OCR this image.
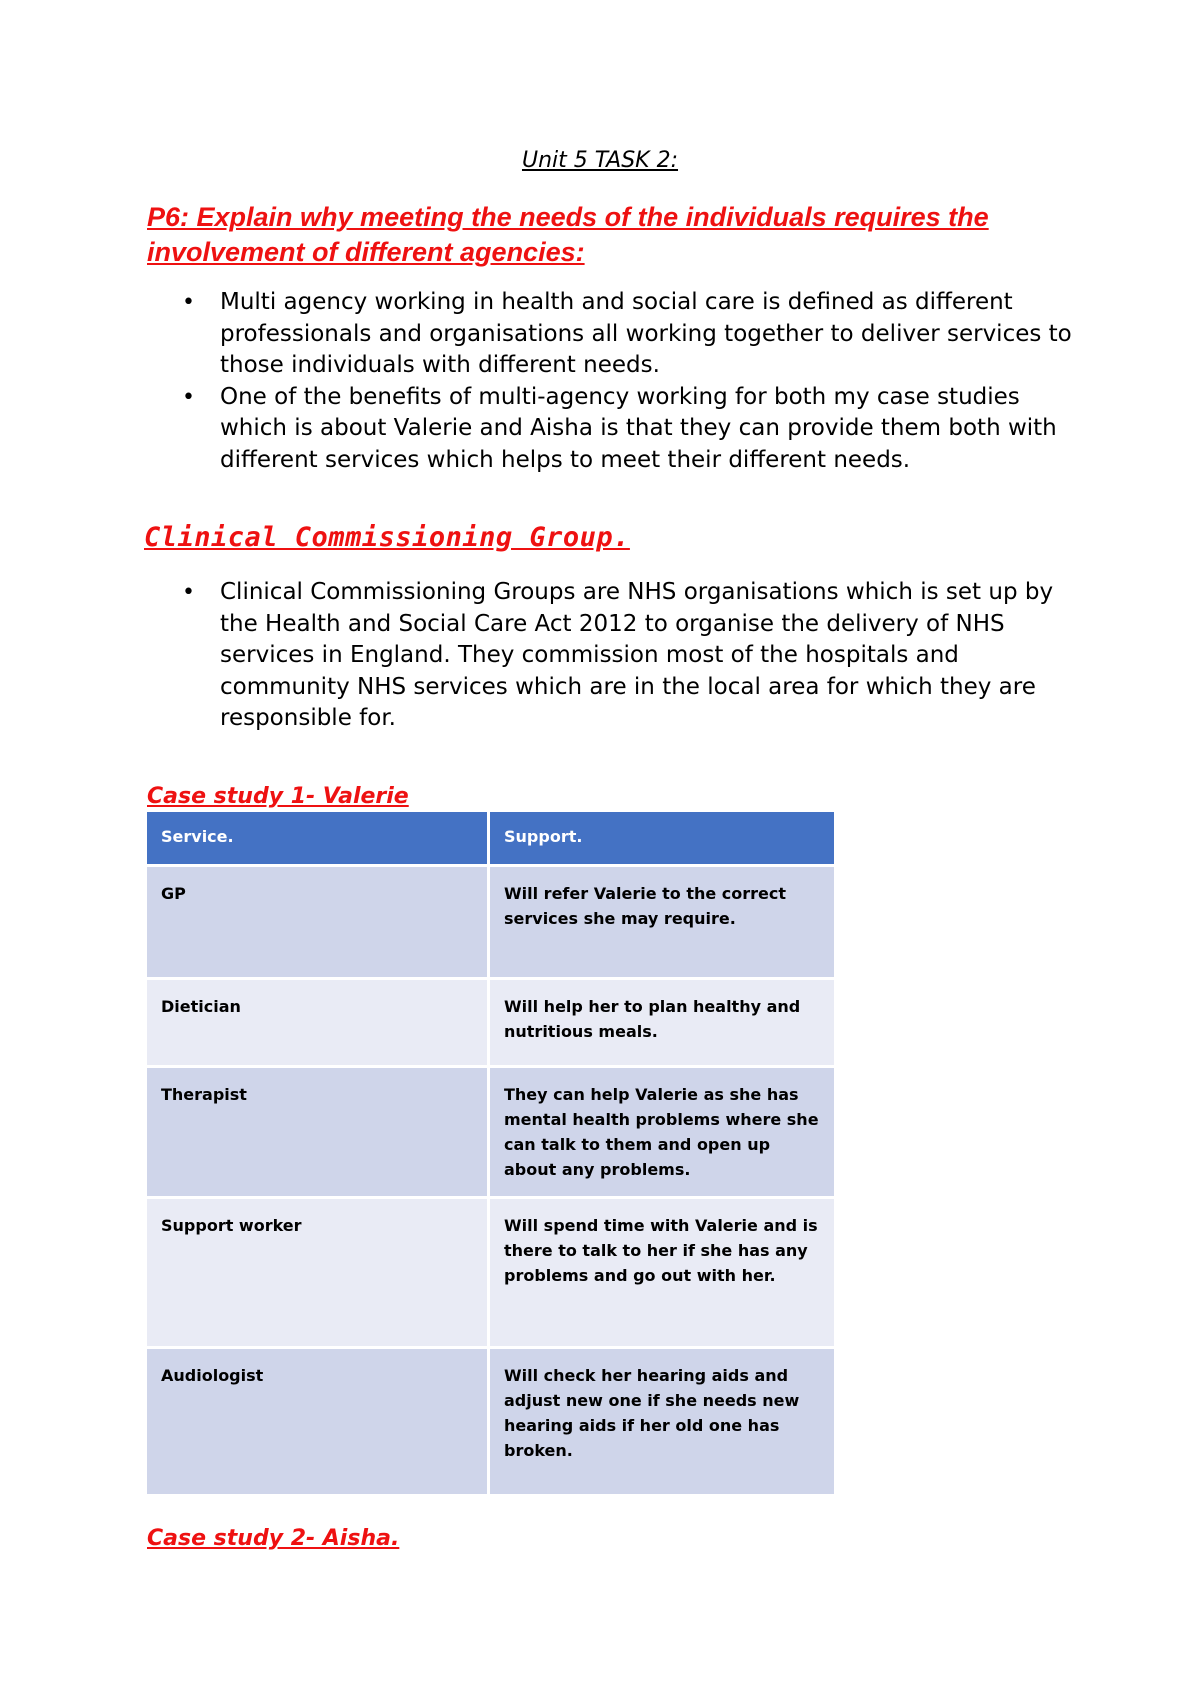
Unit 5 TASK 2:
P6: Explain why meeting the needs of the individuals requires the involvement of different agencies:
• Multi agency working in health and social care is defined as different professionals and organisations all working together to deliver services to those individuals with different needs.
• One of the benefits of multi-agency working for both my case studies which is about Valerie and Aisha is that they can provide them both with different services which helps to meet their different needs.
Clinical Commissioning Group.
• Clinical Commissioning Groups are NHS organisations which is set up by the Health and Social Care Act 2012 to organise the delivery of NHS services in England. They commission most of the hospitals and community NHS services which are in the local area for which they are responsible for.
Case study 1- Valerie
Service.	Support.
GP	Will refer Valerie to the correct services she may require.
Dietician	Will help her to plan healthy and nutritious meals.
Therapist	They can help Valerie as she has mental health problems where she can talk to them and open up about any problems.
Support worker	Will spend time with Valerie and is there to talk to her if she has any problems and go out with her.
Audiologist	Will check her hearing aids and adjust new one if she needs new hearing aids if her old one has broken.
Case study 2- Aisha.
